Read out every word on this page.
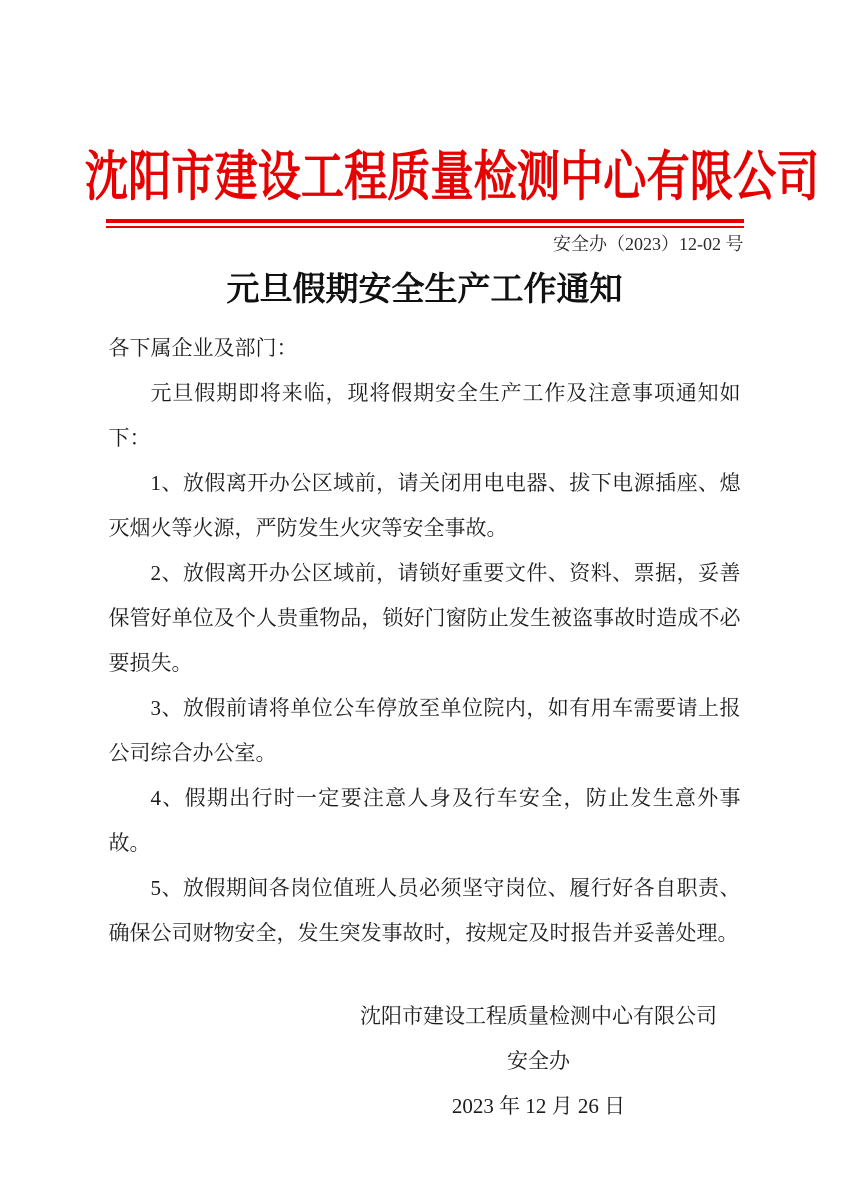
沈阳市建设工程质量检测中心有限公司
安全办（2023）12-02 号
元旦假期安全生产工作通知

各下属企业及部门：

元旦假期即将来临，现将假期安全生产工作及注意事项通知如下：

1、放假离开办公区域前，请关闭用电电器、拔下电源插座、熄灭烟火等火源，严防发生火灾等安全事故。

2、放假离开办公区域前，请锁好重要文件、资料、票据，妥善保管好单位及个人贵重物品，锁好门窗防止发生被盗事故时造成不必要损失。

3、放假前请将单位公车停放至单位院内，如有用车需要请上报公司综合办公室。

4、假期出行时一定要注意人身及行车安全，防止发生意外事故。

5、放假期间各岗位值班人员必须坚守岗位、履行好各自职责、确保公司财物安全，发生突发事故时，按规定及时报告并妥善处理。

沈阳市建设工程质量检测中心有限公司

安全办

2023 年 12 月 26 日
